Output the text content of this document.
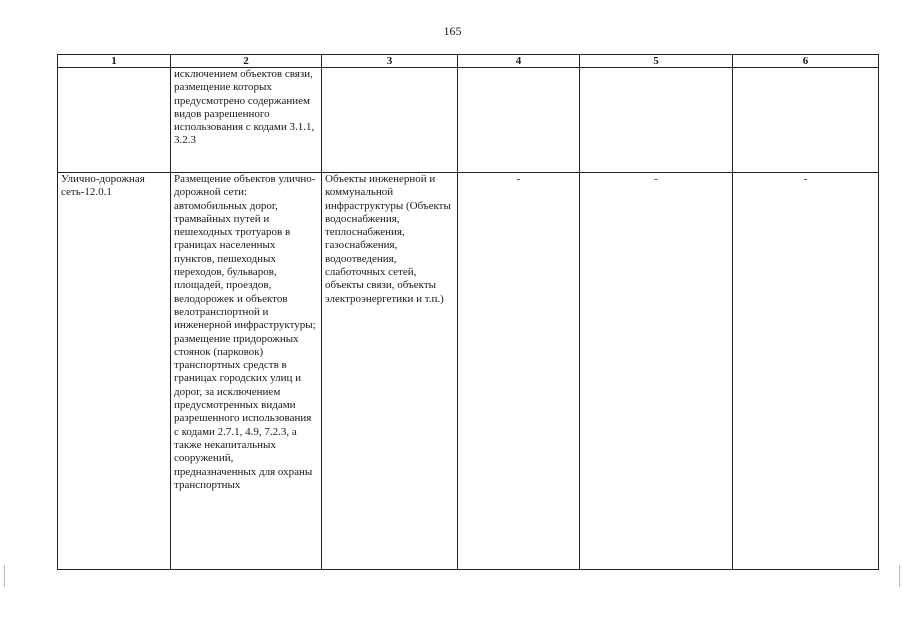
165
1	2	3	4	5	6
	исключением объектов связи, размещение которых предусмотрено содержанием видов разрешенного использования с кодами 3.1.1, 3.2.3				
Улично-дорожная сеть-12.0.1	Размещение объектов улично-дорожной сети: автомобильных дорог, трамвайных путей и пешеходных тротуаров в границах населенных пунктов, пешеходных переходов, бульваров, площадей, проездов, велодорожек и объектов велотранспортной и инженерной инфраструктуры; размещение придорожных стоянок (парковок) транспортных средств в границах городских улиц и дорог, за исключением предусмотренных видами разрешенного использования с кодами 2.7.1, 4.9, 7.2.3, а также некапитальных сооружений, предназначенных для охраны транспортных	Объекты инженерной и коммунальной инфраструктуры (Объекты водоснабжения, теплоснабжения, газоснабжения, водоотведения, слаботочных сетей, объекты связи, объекты электроэнергетики и т.п.)	-	-	-
